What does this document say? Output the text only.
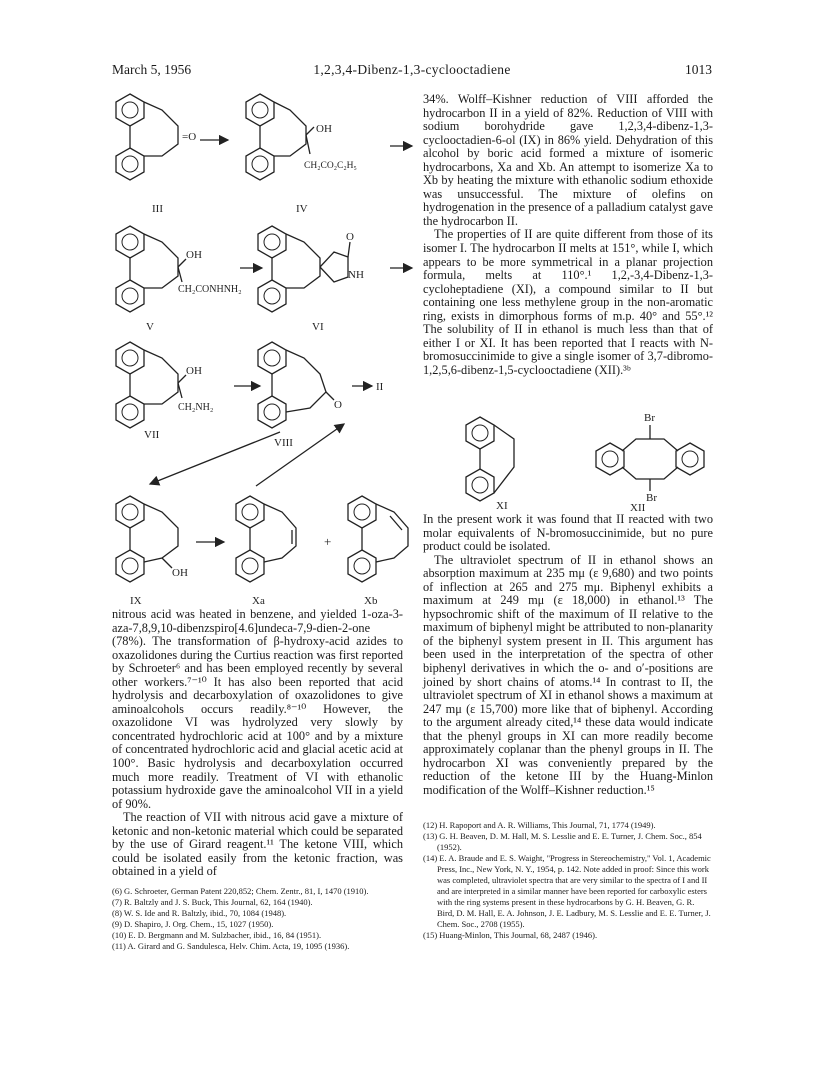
March 5, 1956	1,2,3,4-Dibenz-1,3-cyclooctadiene	1013
=O
OH
CH₂CO₂C₂H₅
OH
CH₂CONHNH₂
O
NH
OH
CH₂NH₂	O
II
OH
+
III	IV
V	VI
VII
VIII
IX	Xa	Xb
Br
Br
XI	XII

nitrous acid was heated in benzene, and yielded 1-oza-3-aza-7,8,9,10-dibenzspiro[4.6]undeca-7,9-dien-2-one (78%). The transformation of β-hydroxy-acid azides to oxazolidones during the Curtius reaction was first reported by Schroeter⁶ and has been employed recently by several other workers.⁷⁻¹⁰ It has also been reported that acid hydrolysis and decarboxylation of oxazolidones to give aminoalcohols occurs readily.⁸⁻¹⁰ However, the oxazolidone VI was hydrolyzed very slowly by concentrated hydrochloric acid at 100° and by a mixture of concentrated hydrochloric acid and glacial acetic acid at 100°. Basic hydrolysis and decarboxylation occurred much more readily. Treatment of VI with ethanolic potassium hydroxide gave the aminoalcohol VII in a yield of 90%.

The reaction of VII with nitrous acid gave a mixture of ketonic and non-ketonic material which could be separated by the use of Girard reagent.¹¹ The ketone VIII, which could be isolated easily from the ketonic fraction, was obtained in a yield of

(6) G. Schroeter, German Patent 220,852; Chem. Zentr., 81, I, 1470 (1910).
(7) R. Baltzly and J. S. Buck, This Journal, 62, 164 (1940).
(8) W. S. Ide and R. Baltzly, ibid., 70, 1084 (1948).
(9) D. Shapiro, J. Org. Chem., 15, 1027 (1950).
(10) E. D. Bergmann and M. Sulzbacher, ibid., 16, 84 (1951).
(11) A. Girard and G. Sandulesca, Helv. Chim. Acta, 19, 1095 (1936).

34%. Wolff–Kishner reduction of VIII afforded the hydrocarbon II in a yield of 82%. Reduction of VIII with sodium borohydride gave 1,2,3,4-dibenz-1,3-cyclooctadien-6-ol (IX) in 86% yield. Dehydration of this alcohol by boric acid formed a mixture of isomeric hydrocarbons, Xa and Xb. An attempt to isomerize Xa to Xb by heating the mixture with ethanolic sodium ethoxide was unsuccessful. The mixture of olefins on hydrogenation in the presence of a palladium catalyst gave the hydrocarbon II.

The properties of II are quite different from those of its isomer I. The hydrocarbon II melts at 151°, while I, which appears to be more symmetrical in a planar projection formula, melts at 110°.¹ 1,2,-3,4-Dibenz-1,3-cycloheptadiene (XI), a compound similar to II but containing one less methylene group in the non-aromatic ring, exists in dimorphous forms of m.p. 40° and 55°.¹² The solubility of II in ethanol is much less than that of either I or XI. It has been reported that I reacts with N-bromosuccinimide to give a single isomer of 3,7-dibromo-1,2,5,6-dibenz-1,5-cyclooctadiene (XII).³ᵇ

In the present work it was found that II reacted with two molar equivalents of N-bromosuccinimide, but no pure product could be isolated.

The ultraviolet spectrum of II in ethanol shows an absorption maximum at 235 mμ (ε 9,680) and two points of inflection at 265 and 275 mμ. Biphenyl exhibits a maximum at 249 mμ (ε 18,000) in ethanol.¹³ The hypsochromic shift of the maximum of II relative to the maximum of biphenyl might be attributed to non-planarity of the biphenyl system present in II. This argument has been used in the interpretation of the spectra of other biphenyl derivatives in which the o- and o′-positions are joined by short chains of atoms.¹⁴ In contrast to II, the ultraviolet spectrum of XI in ethanol shows a maximum at 247 mμ (ε 15,700) more like that of biphenyl. According to the argument already cited,¹⁴ these data would indicate that the phenyl groups in XI can more readily become approximately coplanar than the phenyl groups in II. The hydrocarbon XI was conveniently prepared by the reduction of the ketone III by the Huang-Minlon modification of the Wolff–Kishner reduction.¹⁵

(12) H. Rapoport and A. R. Williams, This Journal, 71, 1774 (1949).
(13) G. H. Beaven, D. M. Hall, M. S. Lesslie and E. E. Turner, J. Chem. Soc., 854 (1952).
(14) E. A. Braude and E. S. Waight, "Progress in Stereochemistry," Vol. 1, Academic Press, Inc., New York, N. Y., 1954, p. 142. Note added in proof: Since this work was completed, ultraviolet spectra that are very similar to the spectra of I and II and are interpreted in a similar manner have been reported for carboxylic esters with the ring systems present in these hydrocarbons by G. H. Beaven, G. R. Bird, D. M. Hall, E. A. Johnson, J. E. Ladbury, M. S. Lesslie and E. E. Turner, J. Chem. Soc., 2708 (1955).
(15) Huang-Minlon, This Journal, 68, 2487 (1946).
